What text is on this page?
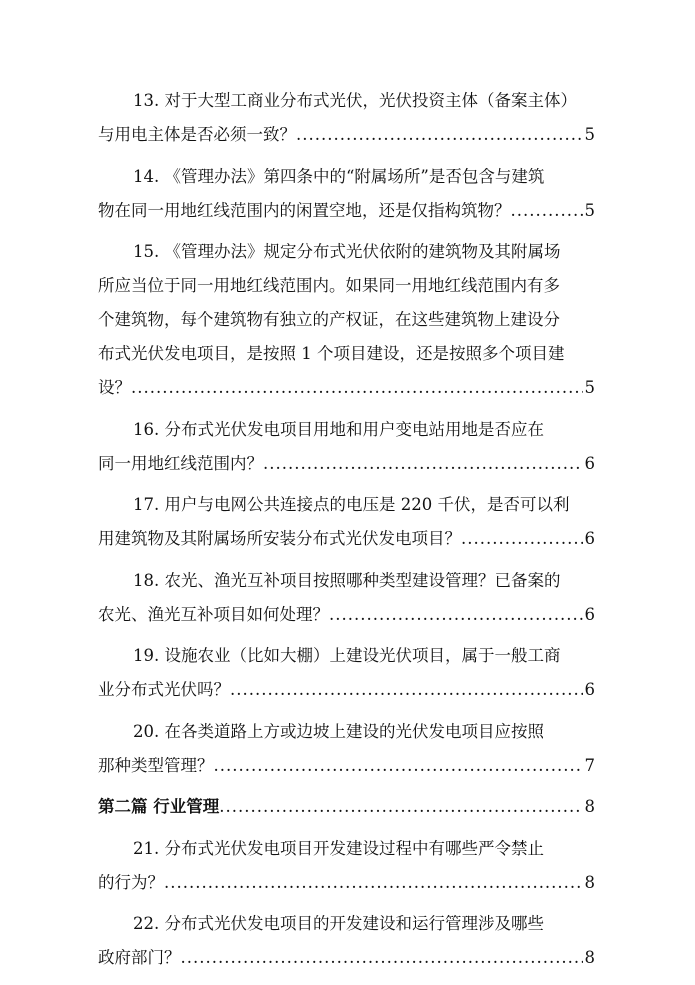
13. 对于大型工商业分布式光伏，光伏投资主体（备案主体）
与用电主体是否必须一致？ .....	5
14. 《管理办法》第四条中的“附属场所”是否包含与建筑
物在同一用地红线范围内的闲置空地，还是仅指构筑物？ .....	5
15. 《管理办法》规定分布式光伏依附的建筑物及其附属场
所应当位于同一用地红线范围内。如果同一用地红线范围内有多
个建筑物，每个建筑物有独立的产权证，在这些建筑物上建设分
布式光伏发电项目，是按照 1 个项目建设，还是按照多个项目建
设？ .....	5
16. 分布式光伏发电项目用地和用户变电站用地是否应在
同一用地红线范围内？ .....	6
17. 用户与电网公共连接点的电压是 220 千伏，是否可以利
用建筑物及其附属场所安装分布式光伏发电项目？ .....	6
18. 农光、渔光互补项目按照哪种类型建设管理？已备案的
农光、渔光互补项目如何处理？ .....	6
19. 设施农业（比如大棚）上建设光伏项目，属于一般工商
业分布式光伏吗？ .....	6
20. 在各类道路上方或边坡上建设的光伏发电项目应按照
那种类型管理？ .....	7
第二篇 行业管理 .....	8
21. 分布式光伏发电项目开发建设过程中有哪些严令禁止
的行为？ .....	8
22. 分布式光伏发电项目的开发建设和运行管理涉及哪些
政府部门？ .....	8
